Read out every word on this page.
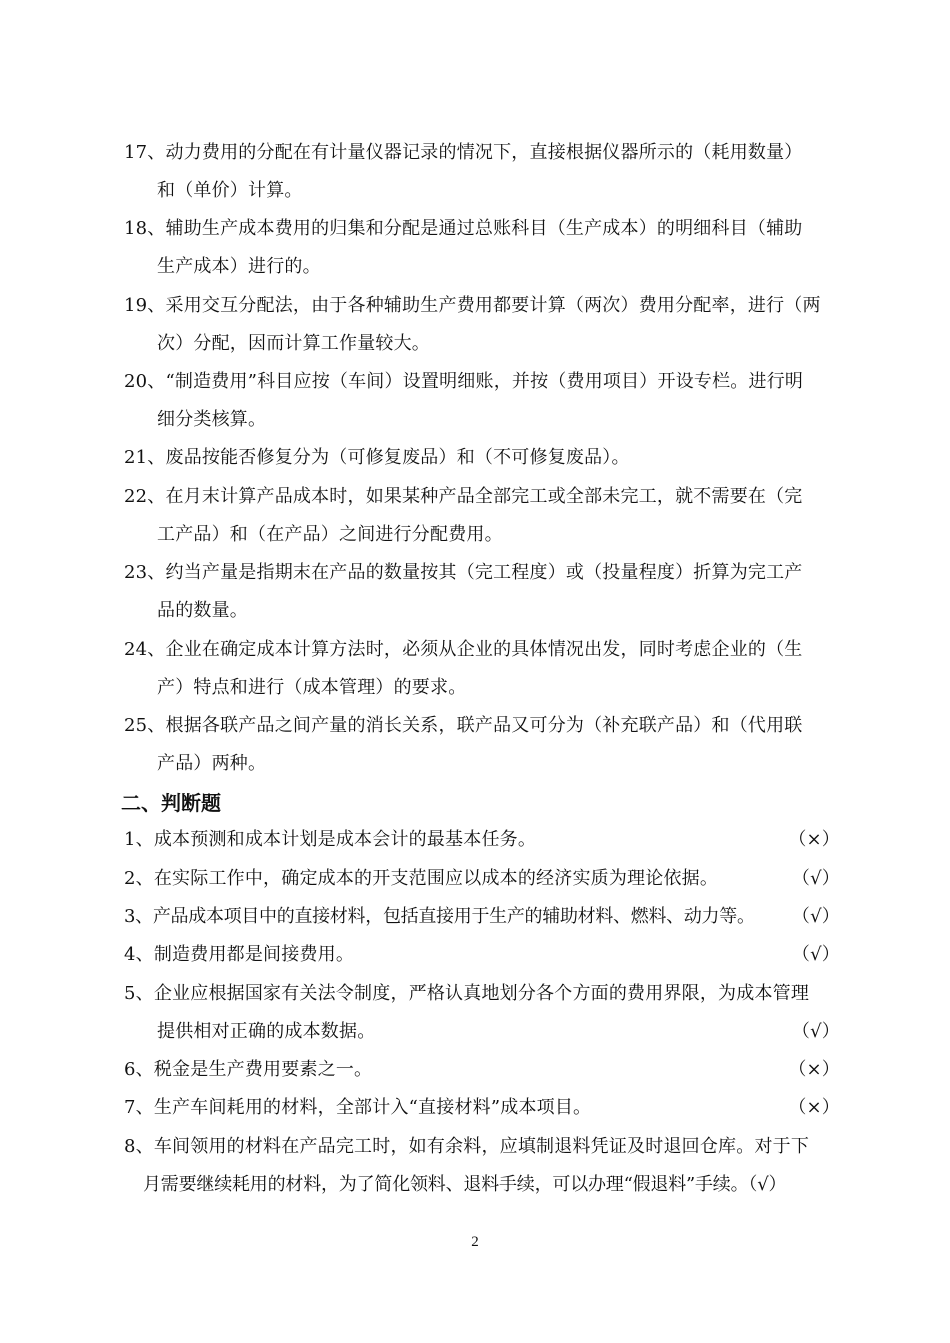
17、动力费用的分配在有计量仪器记录的情况下，直接根据仪器所示的（耗用数量）
和（单价）计算。
18、辅助生产成本费用的归集和分配是通过总账科目（生产成本）的明细科目（辅助
生产成本）进行的。
19、采用交互分配法，由于各种辅助生产费用都要计算（两次）费用分配率，进行（两
次）分配，因而计算工作量较大。
20、“制造费用”科目应按（车间）设置明细账，并按（费用项目）开设专栏。进行明
细分类核算。
21、废品按能否修复分为（可修复废品）和（不可修复废品）。
22、在月末计算产品成本时，如果某种产品全部完工或全部未完工，就不需要在（完
工产品）和（在产品）之间进行分配费用。
23、约当产量是指期末在产品的数量按其（完工程度）或（投量程度）折算为完工产
品的数量。
24、企业在确定成本计算方法时，必须从企业的具体情况出发，同时考虑企业的（生
产）特点和进行（成本管理）的要求。
25、根据各联产品之间产量的消长关系，联产品又可分为（补充联产品）和（代用联
产品）两种。
二、判断题
1、成本预测和成本计划是成本会计的最基本任务。	（×）
2、在实际工作中，确定成本的开支范围应以成本的经济实质为理论依据。	（√）
3、产品成本项目中的直接材料，包括直接用于生产的辅助材料、燃料、动力等。 （√）
4、制造费用都是间接费用。	（√）
5、企业应根据国家有关法令制度，严格认真地划分各个方面的费用界限，为成本管理
提供相对正确的成本数据。	（√）
6、税金是生产费用要素之一。	（×）
7、生产车间耗用的材料，全部计入“直接材料”成本项目。	（×）
8、车间领用的材料在产品完工时，如有余料，应填制退料凭证及时退回仓库。对于下
月需要继续耗用的材料，为了简化领料、退料手续，可以办理“假退料”手续。（√）
2
